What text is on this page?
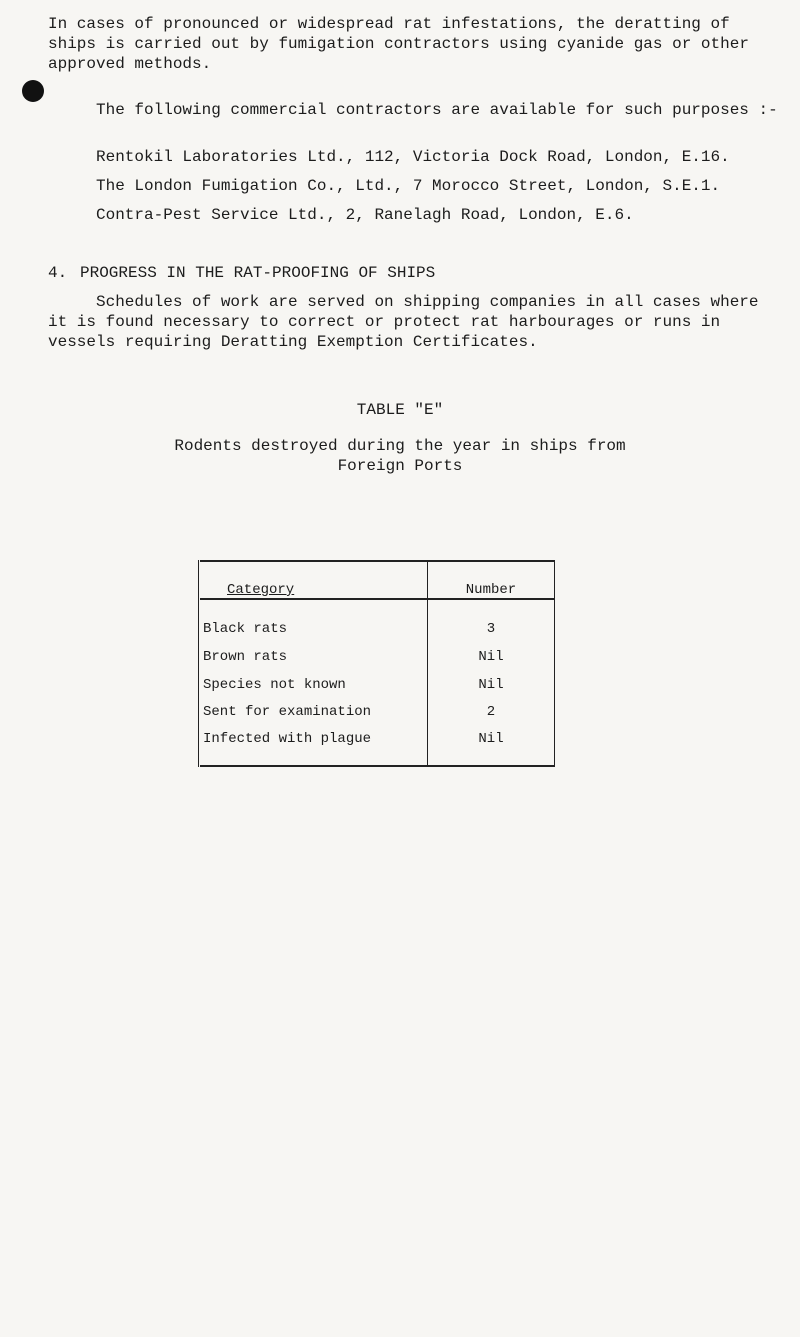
In cases of pronounced or widespread rat infestations, the deratting of ships is carried out by fumigation contractors using cyanide gas or other approved methods.

The following commercial contractors are available for such purposes :-

Rentokil Laboratories Ltd., 112, Victoria Dock Road, London, E.16.
The London Fumigation Co., Ltd., 7 Morocco Street, London, S.E.1.
Contra-Pest Service Ltd., 2, Ranelagh Road, London, E.6.
4. PROGRESS IN THE RAT-PROOFING OF SHIPS

Schedules of work are served on shipping companies in all cases where it is found necessary to correct or protect rat harbourages or runs in vessels requiring Deratting Exemption Certificates.

TABLE "E"
Rodents destroyed during the year in ships from
Foreign Ports
Category	Number
Black rats	3
Brown rats	Nil
Species not known	Nil
Sent for examination	2
Infected with plague	Nil
